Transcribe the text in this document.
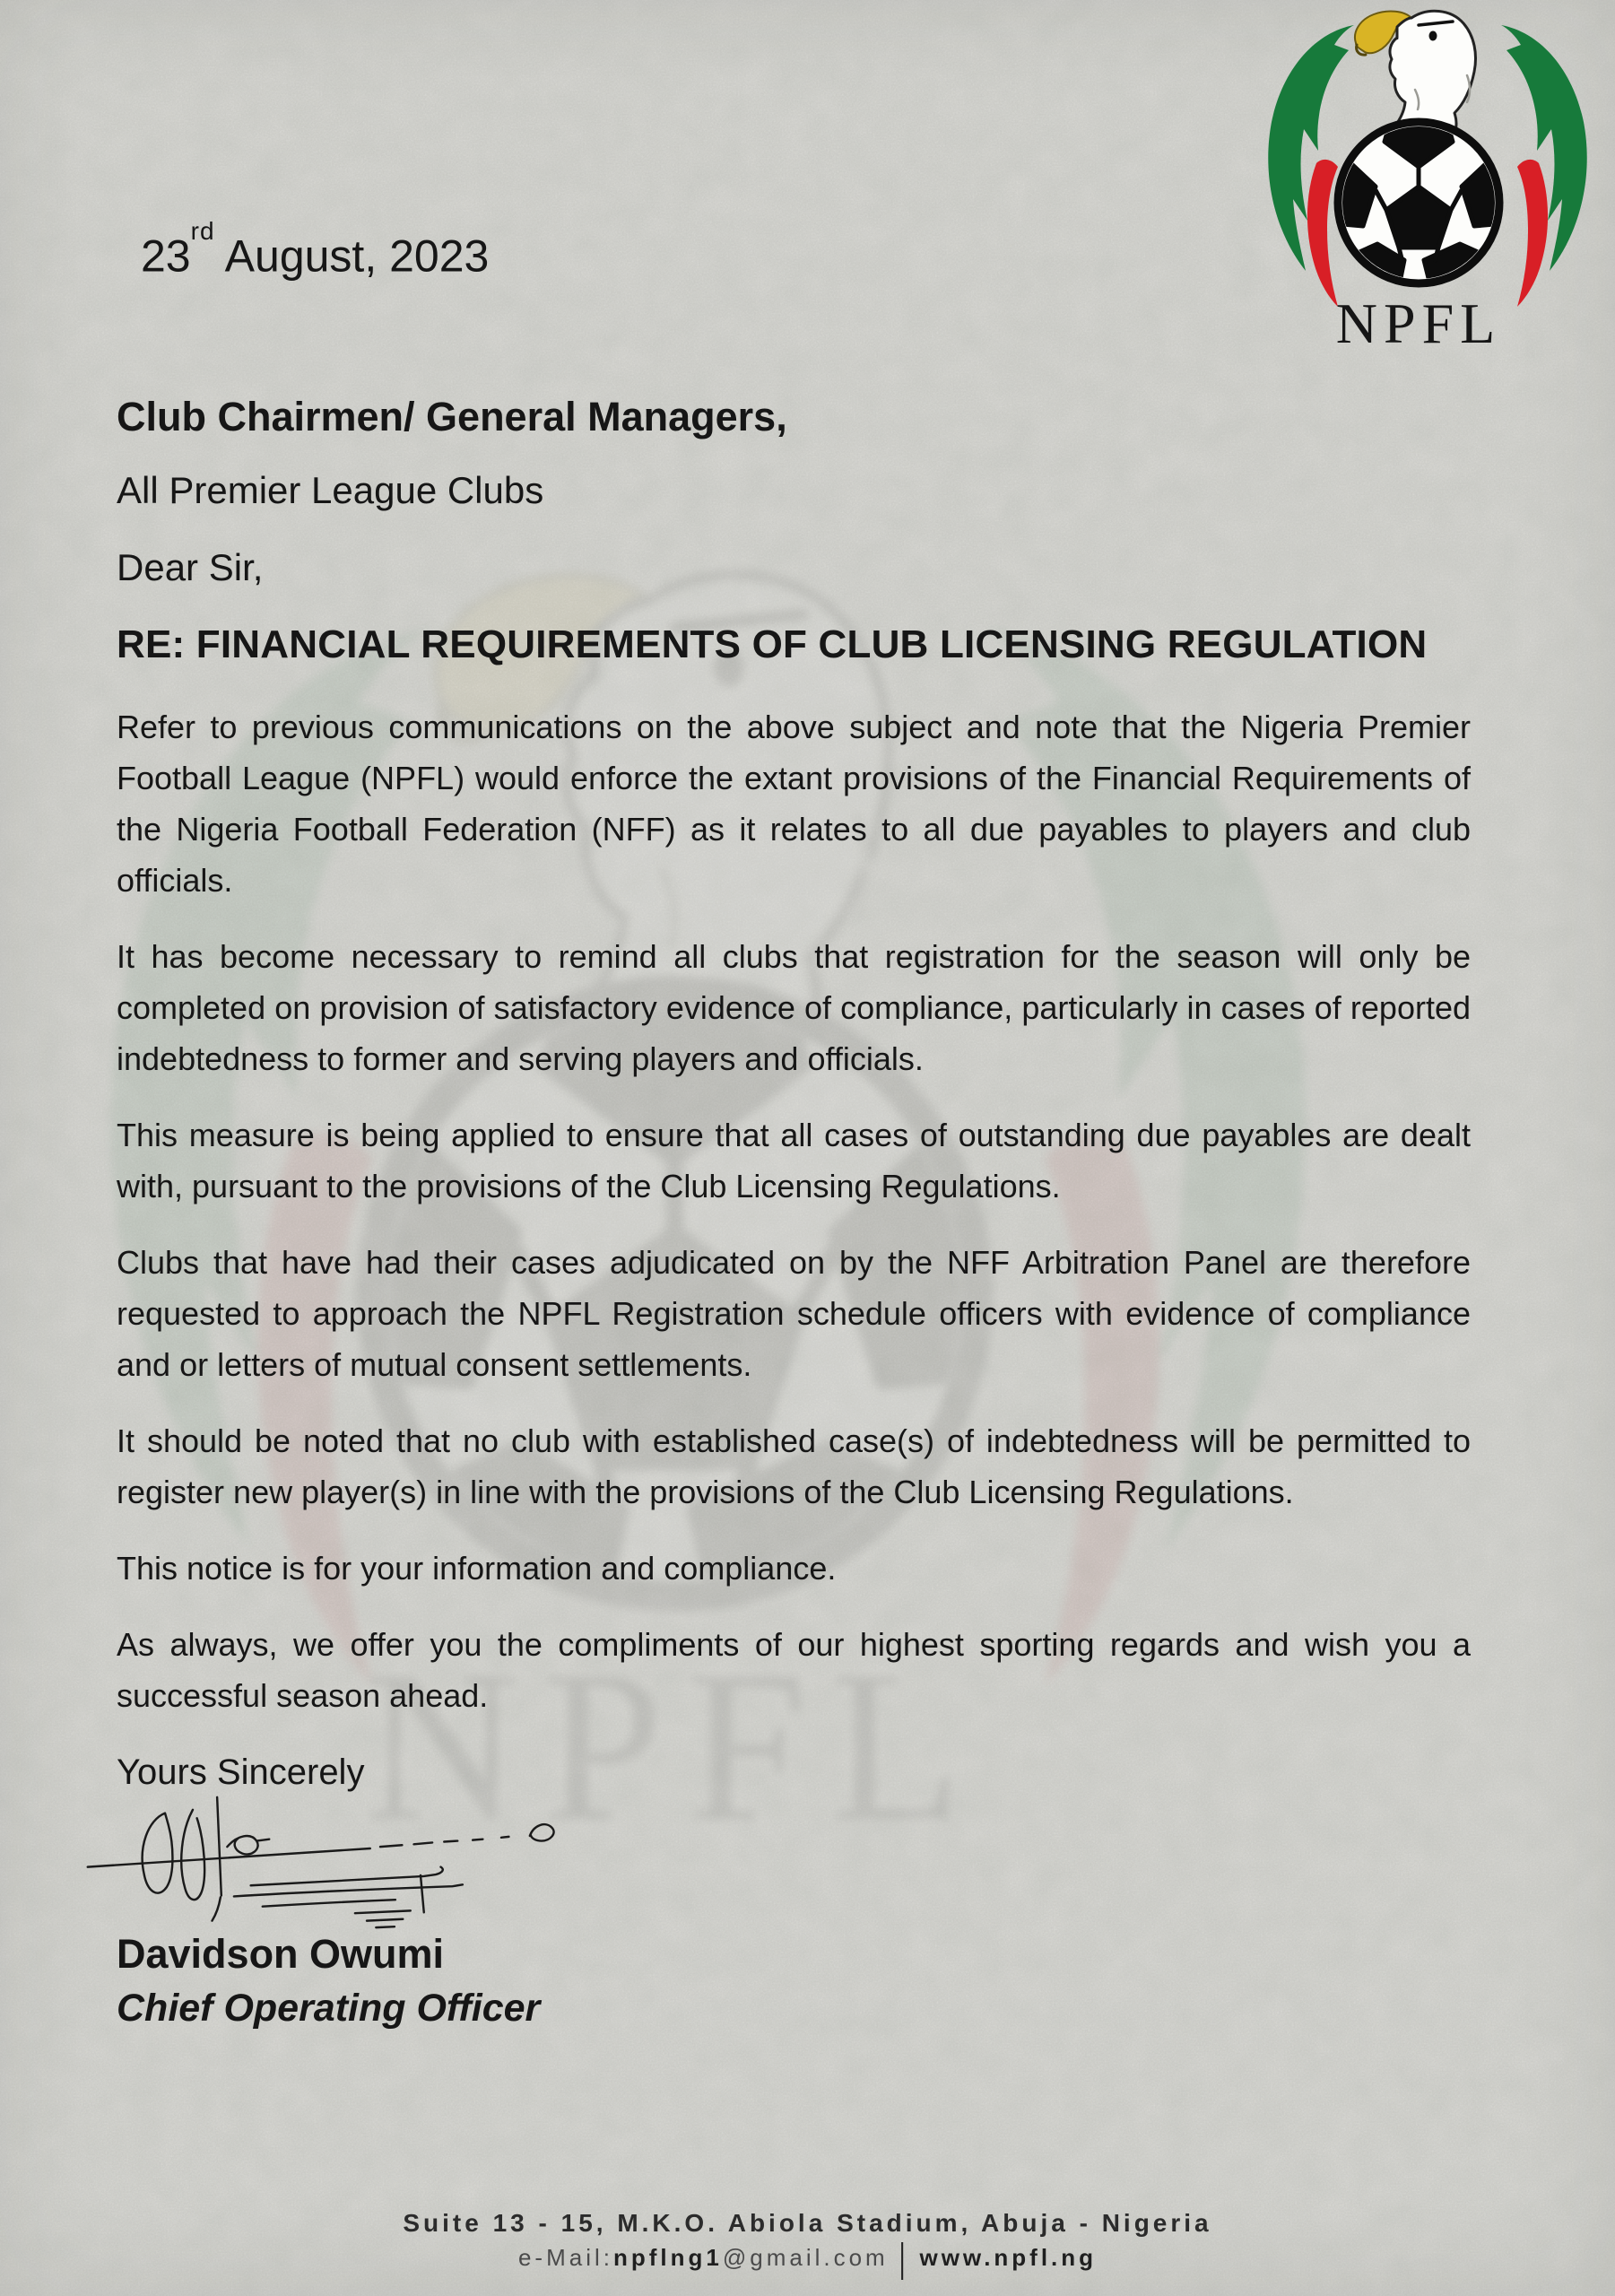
23rd August, 2023
Club Chairmen/ General Managers,
All Premier League Clubs
Dear Sir,
RE: FINANCIAL REQUIREMENTS OF CLUB LICENSING REGULATION

Refer to previous communications on the above subject and note that the Nigeria Premier Football League (NPFL) would enforce the extant provisions of the Financial Requirements of the Nigeria Football Federation (NFF) as it relates to all due payables to players and club officials.

It has become necessary to remind all clubs that registration for the season will only be completed on provision of satisfactory evidence of compliance, particularly in cases of reported indebtedness to former and serving players and officials.

This measure is being applied to ensure that all cases of outstanding due payables are dealt with, pursuant to the provisions of the Club Licensing Regulations.

Clubs that have had their cases adjudicated on by the NFF Arbitration Panel are therefore requested to approach the NPFL Registration schedule officers with evidence of compliance and or letters of mutual consent settlements.

It should be noted that no club with established case(s) of indebtedness will be permitted to register new player(s) in line with the provisions of the Club Licensing Regulations.

This notice is for your information and compliance.

As always, we offer you the compliments of our highest sporting regards and wish you a successful season ahead.

Yours Sincerely
Davidson Owumi
Chief Operating Officer
Suite 13 - 15, M.K.O. Abiola Stadium, Abuja - Nigeria
e-Mail:npflng1@gmail.com | www.npfl.ng
